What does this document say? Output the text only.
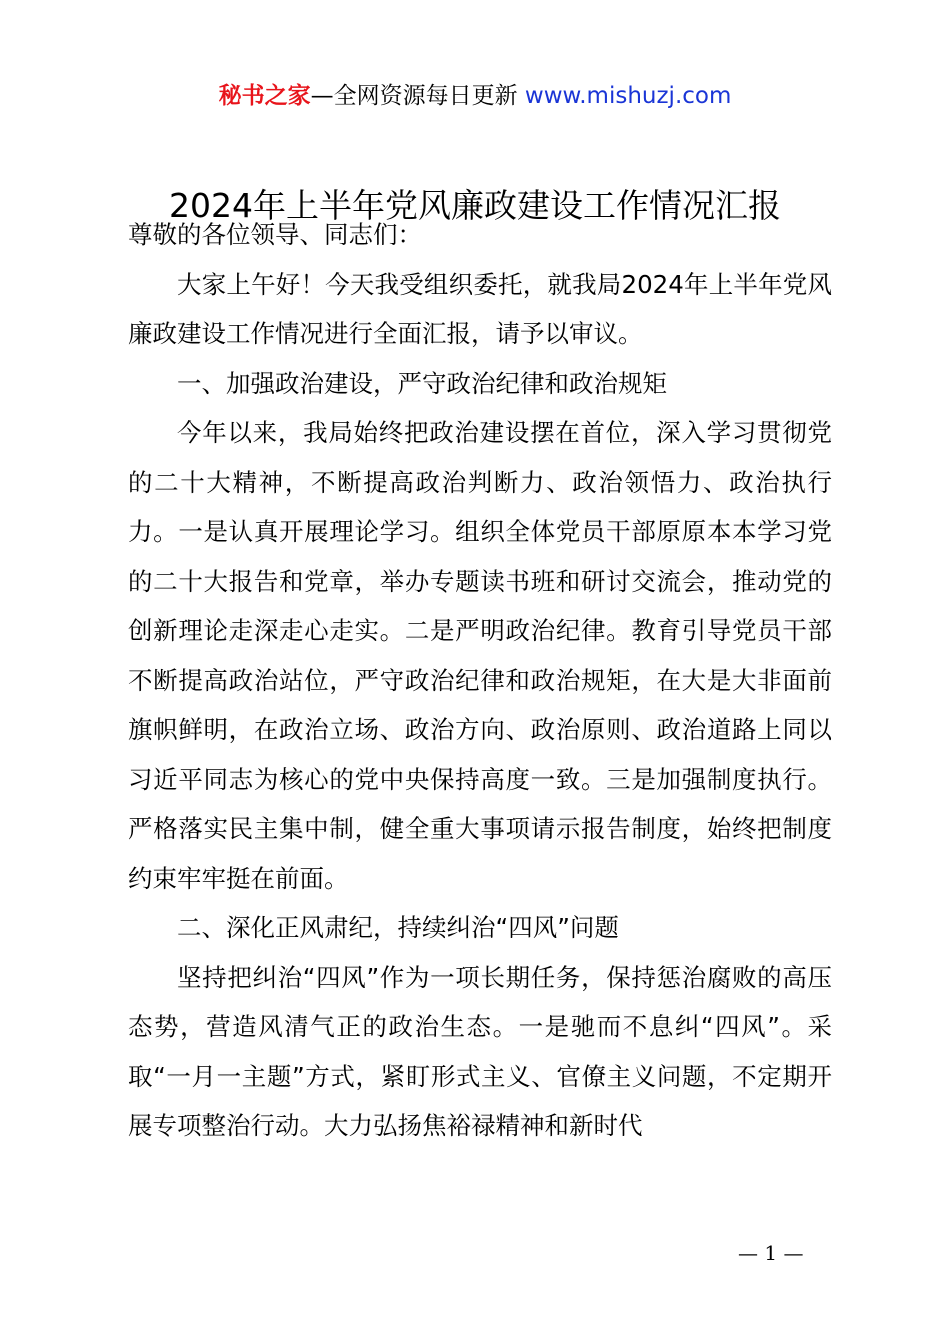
秘书之家—全网资源每日更新 www.mishuzj.com
2024年上半年党风廉政建设工作情况汇报

尊敬的各位领导、同志们：

大家上午好！今天我受组织委托，就我局2024年上半年党风廉政建设工作情况进行全面汇报，请予以审议。

一、加强政治建设，严守政治纪律和政治规矩

今年以来，我局始终把政治建设摆在首位，深入学习贯彻党的二十大精神，不断提高政治判断力、政治领悟力、政治执行力。一是认真开展理论学习。组织全体党员干部原原本本学习党的二十大报告和党章，举办专题读书班和研讨交流会，推动党的创新理论走深走心走实。二是严明政治纪律。教育引导党员干部不断提高政治站位，严守政治纪律和政治规矩，在大是大非面前旗帜鲜明，在政治立场、政治方向、政治原则、政治道路上同以习近平同志为核心的党中央保持高度一致。三是加强制度执行。严格落实民主集中制，健全重大事项请示报告制度，始终把制度约束牢牢挺在前面。

二、深化正风肃纪，持续纠治“四风”问题

坚持把纠治“四风”作为一项长期任务，保持惩治腐败的高压态势，营造风清气正的政治生态。一是驰而不息纠“四风”。采取“一月一主题”方式，紧盯形式主义、官僚主义问题，不定期开展专项整治行动。大力弘扬焦裕禄精神和新时代

— 1 —
